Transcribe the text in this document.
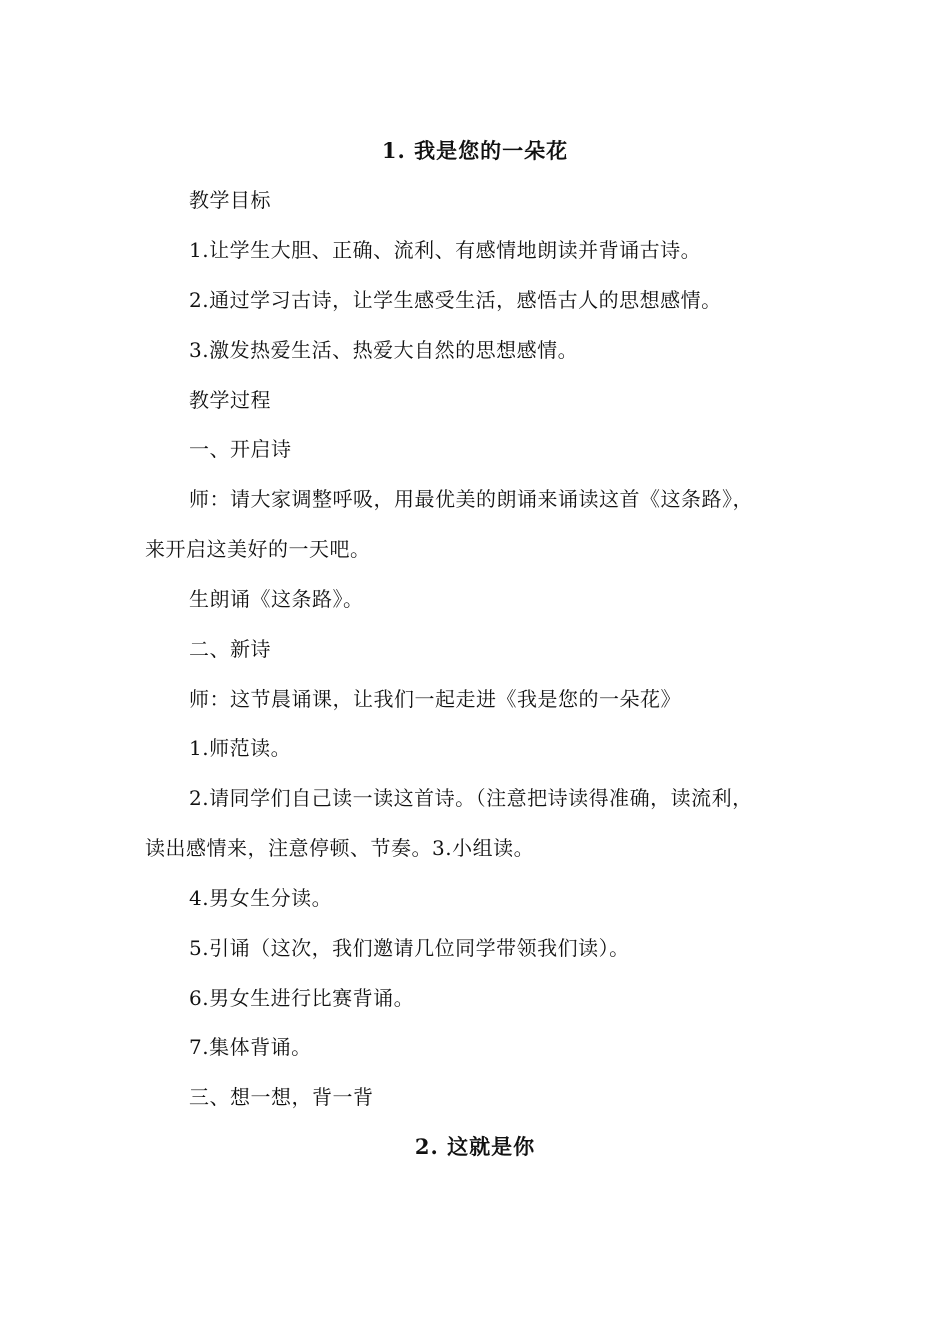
1. 我是您的一朵花
教学目标
1.让学生大胆、正确、流利、有感情地朗读并背诵古诗。
2.通过学习古诗，让学生感受生活，感悟古人的思想感情。
3.激发热爱生活、热爱大自然的思想感情。
教学过程
一、开启诗
师：请大家调整呼吸，用最优美的朗诵来诵读这首《这条路》，
来开启这美好的一天吧。
生朗诵《这条路》。
二、新诗
师：这节晨诵课，让我们一起走进《我是您的一朵花》
1.师范读。
2.请同学们自己读一读这首诗。（注意把诗读得准确，读流利，
读出感情来，注意停顿、节奏。3.小组读。
4.男女生分读。
5.引诵（这次，我们邀请几位同学带领我们读）。
6.男女生进行比赛背诵。
7.集体背诵。
三、想一想，背一背
2. 这就是你
